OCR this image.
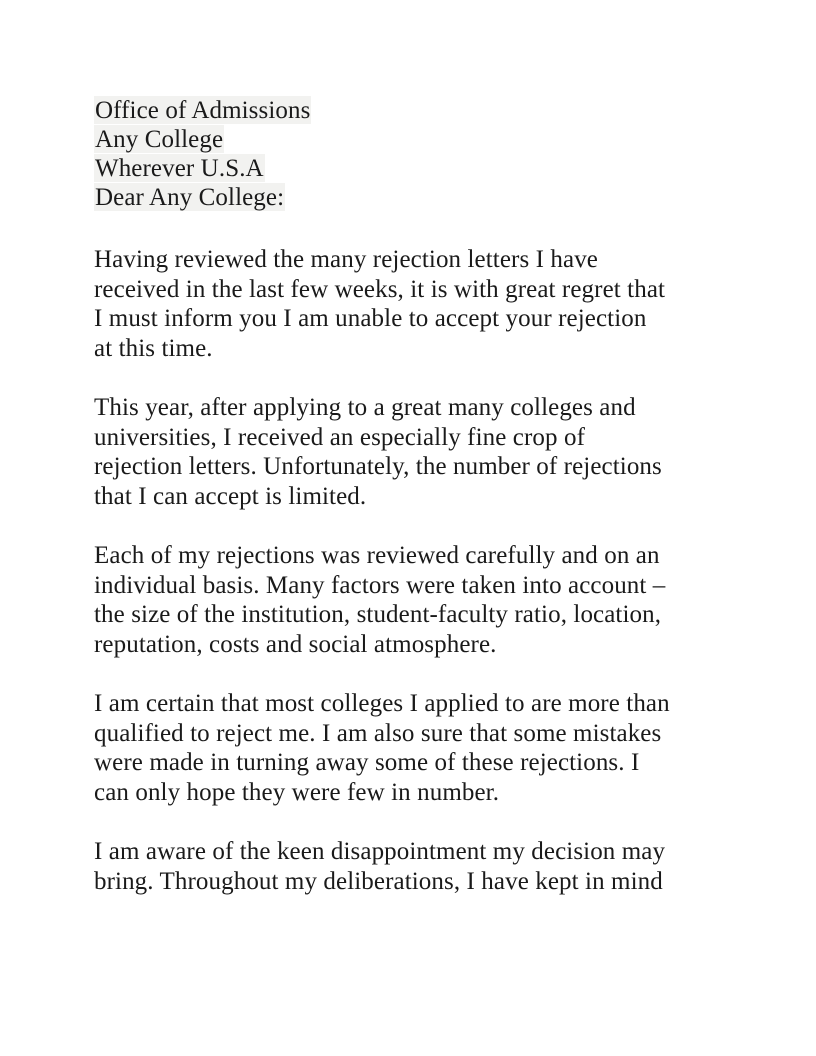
Office of Admissions
Any College
Wherever U.S.A
Dear Any College:

Having reviewed the many rejection letters I have
received in the last few weeks, it is with great regret that
I must inform you I am unable to accept your rejection
at this time.

This year, after applying to a great many colleges and
universities, I received an especially fine crop of
rejection letters. Unfortunately, the number of rejections
that I can accept is limited.

Each of my rejections was reviewed carefully and on an
individual basis. Many factors were taken into account –
the size of the institution, student-faculty ratio, location,
reputation, costs and social atmosphere.

I am certain that most colleges I applied to are more than
qualified to reject me. I am also sure that some mistakes
were made in turning away some of these rejections. I
can only hope they were few in number.

I am aware of the keen disappointment my decision may
bring. Throughout my deliberations, I have kept in mind
